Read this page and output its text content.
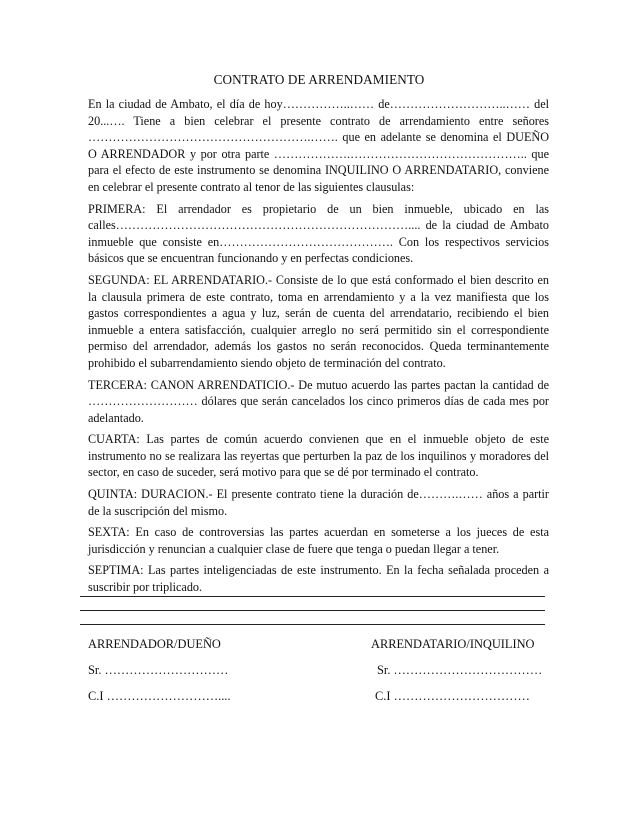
CONTRATO DE ARRENDAMIENTO

En la ciudad de Ambato, el día de hoy……………..…… de………………………..…… del 20...…. Tiene a bien celebrar el presente contrato de arrendamiento entre señores ……………………………………………….……. que en adelante se denomina el DUEÑO O ARRENDADOR y por otra parte ……………….…………………………………….. que para el efecto de este instrumento se denomina INQUILINO O ARRENDATARIO, conviene en celebrar el presente contrato al tenor de las siguientes clausulas:

PRIMERA: El arrendador es propietario de un bien inmueble, ubicado en las calles……………………………………………………………….... de la ciudad de Ambato inmueble que consiste en……………………………………. Con los respectivos servicios básicos que se encuentran funcionando y en perfectas condiciones.

SEGUNDA: EL ARRENDATARIO.- Consiste de lo que está conformado el bien descrito en la clausula primera de este contrato, toma en arrendamiento y a la vez manifiesta que los gastos correspondientes a agua y luz, serán de cuenta del arrendatario, recibiendo el bien inmueble a entera satisfacción, cualquier arreglo no será permitido sin el correspondiente permiso del arrendador, además los gastos no serán reconocidos. Queda terminantemente prohibido el subarrendamiento siendo objeto de terminación del contrato.

TERCERA: CANON ARRENDATICIO.- De mutuo acuerdo las partes pactan la cantidad de ……………………… dólares que serán cancelados los cinco primeros días de cada mes por adelantado.

CUARTA: Las partes de común acuerdo convienen que en el inmueble objeto de este instrumento no se realizara las reyertas que perturben la paz de los inquilinos y moradores del sector, en caso de suceder, será motivo para que se dé por terminado el contrato.

QUINTA: DURACION.- El presente contrato tiene la duración de……….…… años a partir de la suscripción del mismo.

SEXTA: En caso de controversias las partes acuerdan en someterse a los jueces de esta jurisdicción y renuncian a cualquier clase de fuere que tenga o puedan llegar a tener.

SEPTIMA: Las partes inteligenciadas de este instrumento. En la fecha señalada proceden a suscribir por triplicado.

ARRENDADOR/DUEÑO
Sr. …………………………
C.I ………………………....
ARRENDATARIO/INQUILINO
Sr. ………………………………
C.I ……………………………
